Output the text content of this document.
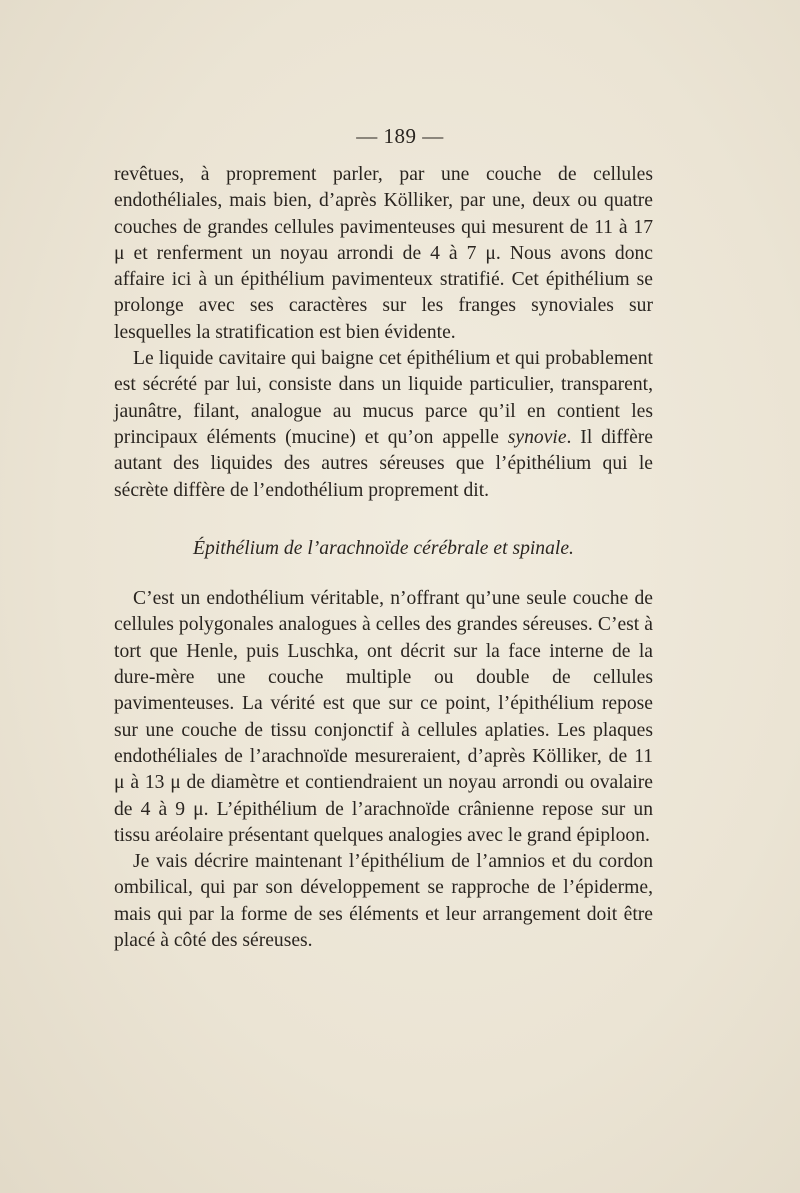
— 189 —

revêtues, à proprement parler, par une couche de cellules endothéliales, mais bien, d’après Kölliker, par une, deux ou quatre couches de grandes cellules pavimenteuses qui mesurent de 11 à 17 μ et renferment un noyau arrondi de 4 à 7 μ. Nous avons donc affaire ici à un épithélium pavimenteux stratifié. Cet épithélium se prolonge avec ses caractères sur les franges synoviales sur lesquelles la stratification est bien évidente.

Le liquide cavitaire qui baigne cet épithélium et qui probablement est sécrété par lui, consiste dans un liquide particulier, transparent, jaunâtre, filant, analogue au mucus parce qu’il en contient les principaux éléments (mucine) et qu’on appelle synovie. Il diffère autant des liquides des autres séreuses que l’épithélium qui le sécrète diffère de l’endothélium proprement dit.

Épithélium de l’arachnoïde cérébrale et spinale.

C’est un endothélium véritable, n’offrant qu’une seule couche de cellules polygonales analogues à celles des grandes séreuses. C’est à tort que Henle, puis Luschka, ont décrit sur la face interne de la dure-mère une couche multiple ou double de cellules pavimenteuses. La vérité est que sur ce point, l’épithélium repose sur une couche de tissu conjonctif à cellules aplaties. Les plaques endothéliales de l’arachnoïde mesureraient, d’après Kölliker, de 11 μ à 13 μ de diamètre et contiendraient un noyau arrondi ou ovalaire de 4 à 9 μ. L’épithélium de l’arachnoïde crânienne repose sur un tissu aréolaire présentant quelques analogies avec le grand épiploon.

Je vais décrire maintenant l’épithélium de l’amnios et du cordon ombilical, qui par son développement se rapproche de l’épiderme, mais qui par la forme de ses éléments et leur arrangement doit être placé à côté des séreuses.
